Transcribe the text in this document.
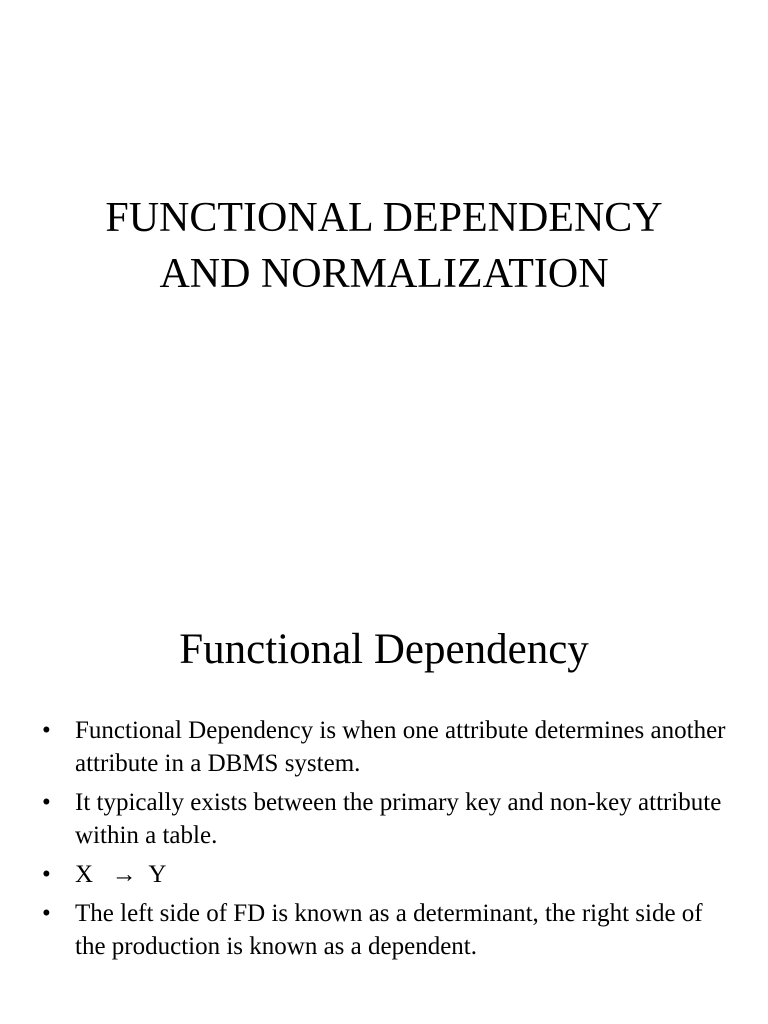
FUNCTIONAL DEPENDENCY
AND NORMALIZATION
Functional Dependency
• Functional Dependency is when one attribute determines another attribute in a DBMS system.
• It typically exists between the primary key and non-key attribute within a table.
• X   →  Y
• The left side of FD is known as a determinant, the right side of the production is known as a dependent.
